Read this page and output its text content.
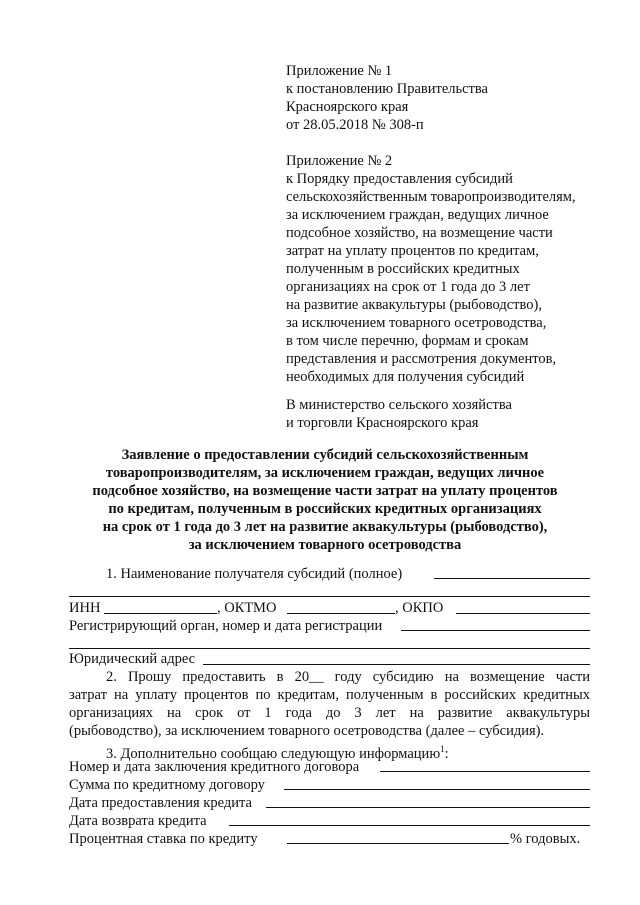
Приложение № 1
к постановлению Правительства
Красноярского края
от 28.05.2018 № 308-п
Приложение № 2
к Порядку предоставления субсидий
сельскохозяйственным товаропроизводителям,
за исключением граждан, ведущих личное
подсобное хозяйство, на возмещение части
затрат на уплату процентов по кредитам,
полученным в российских кредитных
организациях на срок от 1 года до 3 лет
на развитие аквакультуры (рыбоводство),
за исключением товарного осетроводства,
в том числе перечню, формам и срокам
представления и рассмотрения документов,
необходимых для получения субсидий
В министерство сельского хозяйства
и торговли Красноярского края
Заявление о предоставлении субсидий сельскохозяйственным
товаропроизводителям, за исключением граждан, ведущих личное
подсобное хозяйство, на возмещение части затрат на уплату процентов
по кредитам, полученным в российских кредитных организациях
на срок от 1 года до 3 лет на развитие аквакультуры (рыбоводство),
за исключением товарного осетроводства
1. Наименование получателя субсидий (полное)
ИНН	, ОКТМО	, ОКПО
Регистрирующий орган, номер и дата регистрации
Юридический адрес
2. Прошу предоставить в 20__ году субсидию на возмещение части
затрат на уплату процентов по кредитам, полученным в российских кредитных
организациях на срок от 1 года до 3 лет на развитие аквакультуры
(рыбоводство), за исключением товарного осетроводства (далее – субсидия).
3. Дополнительно сообщаю следующую информацию$^1$:
Номер и дата заключения кредитного договора
Сумма по кредитному договору
Дата предоставления кредита
Дата возврата кредита
Процентная ставка по кредиту	% годовых.
